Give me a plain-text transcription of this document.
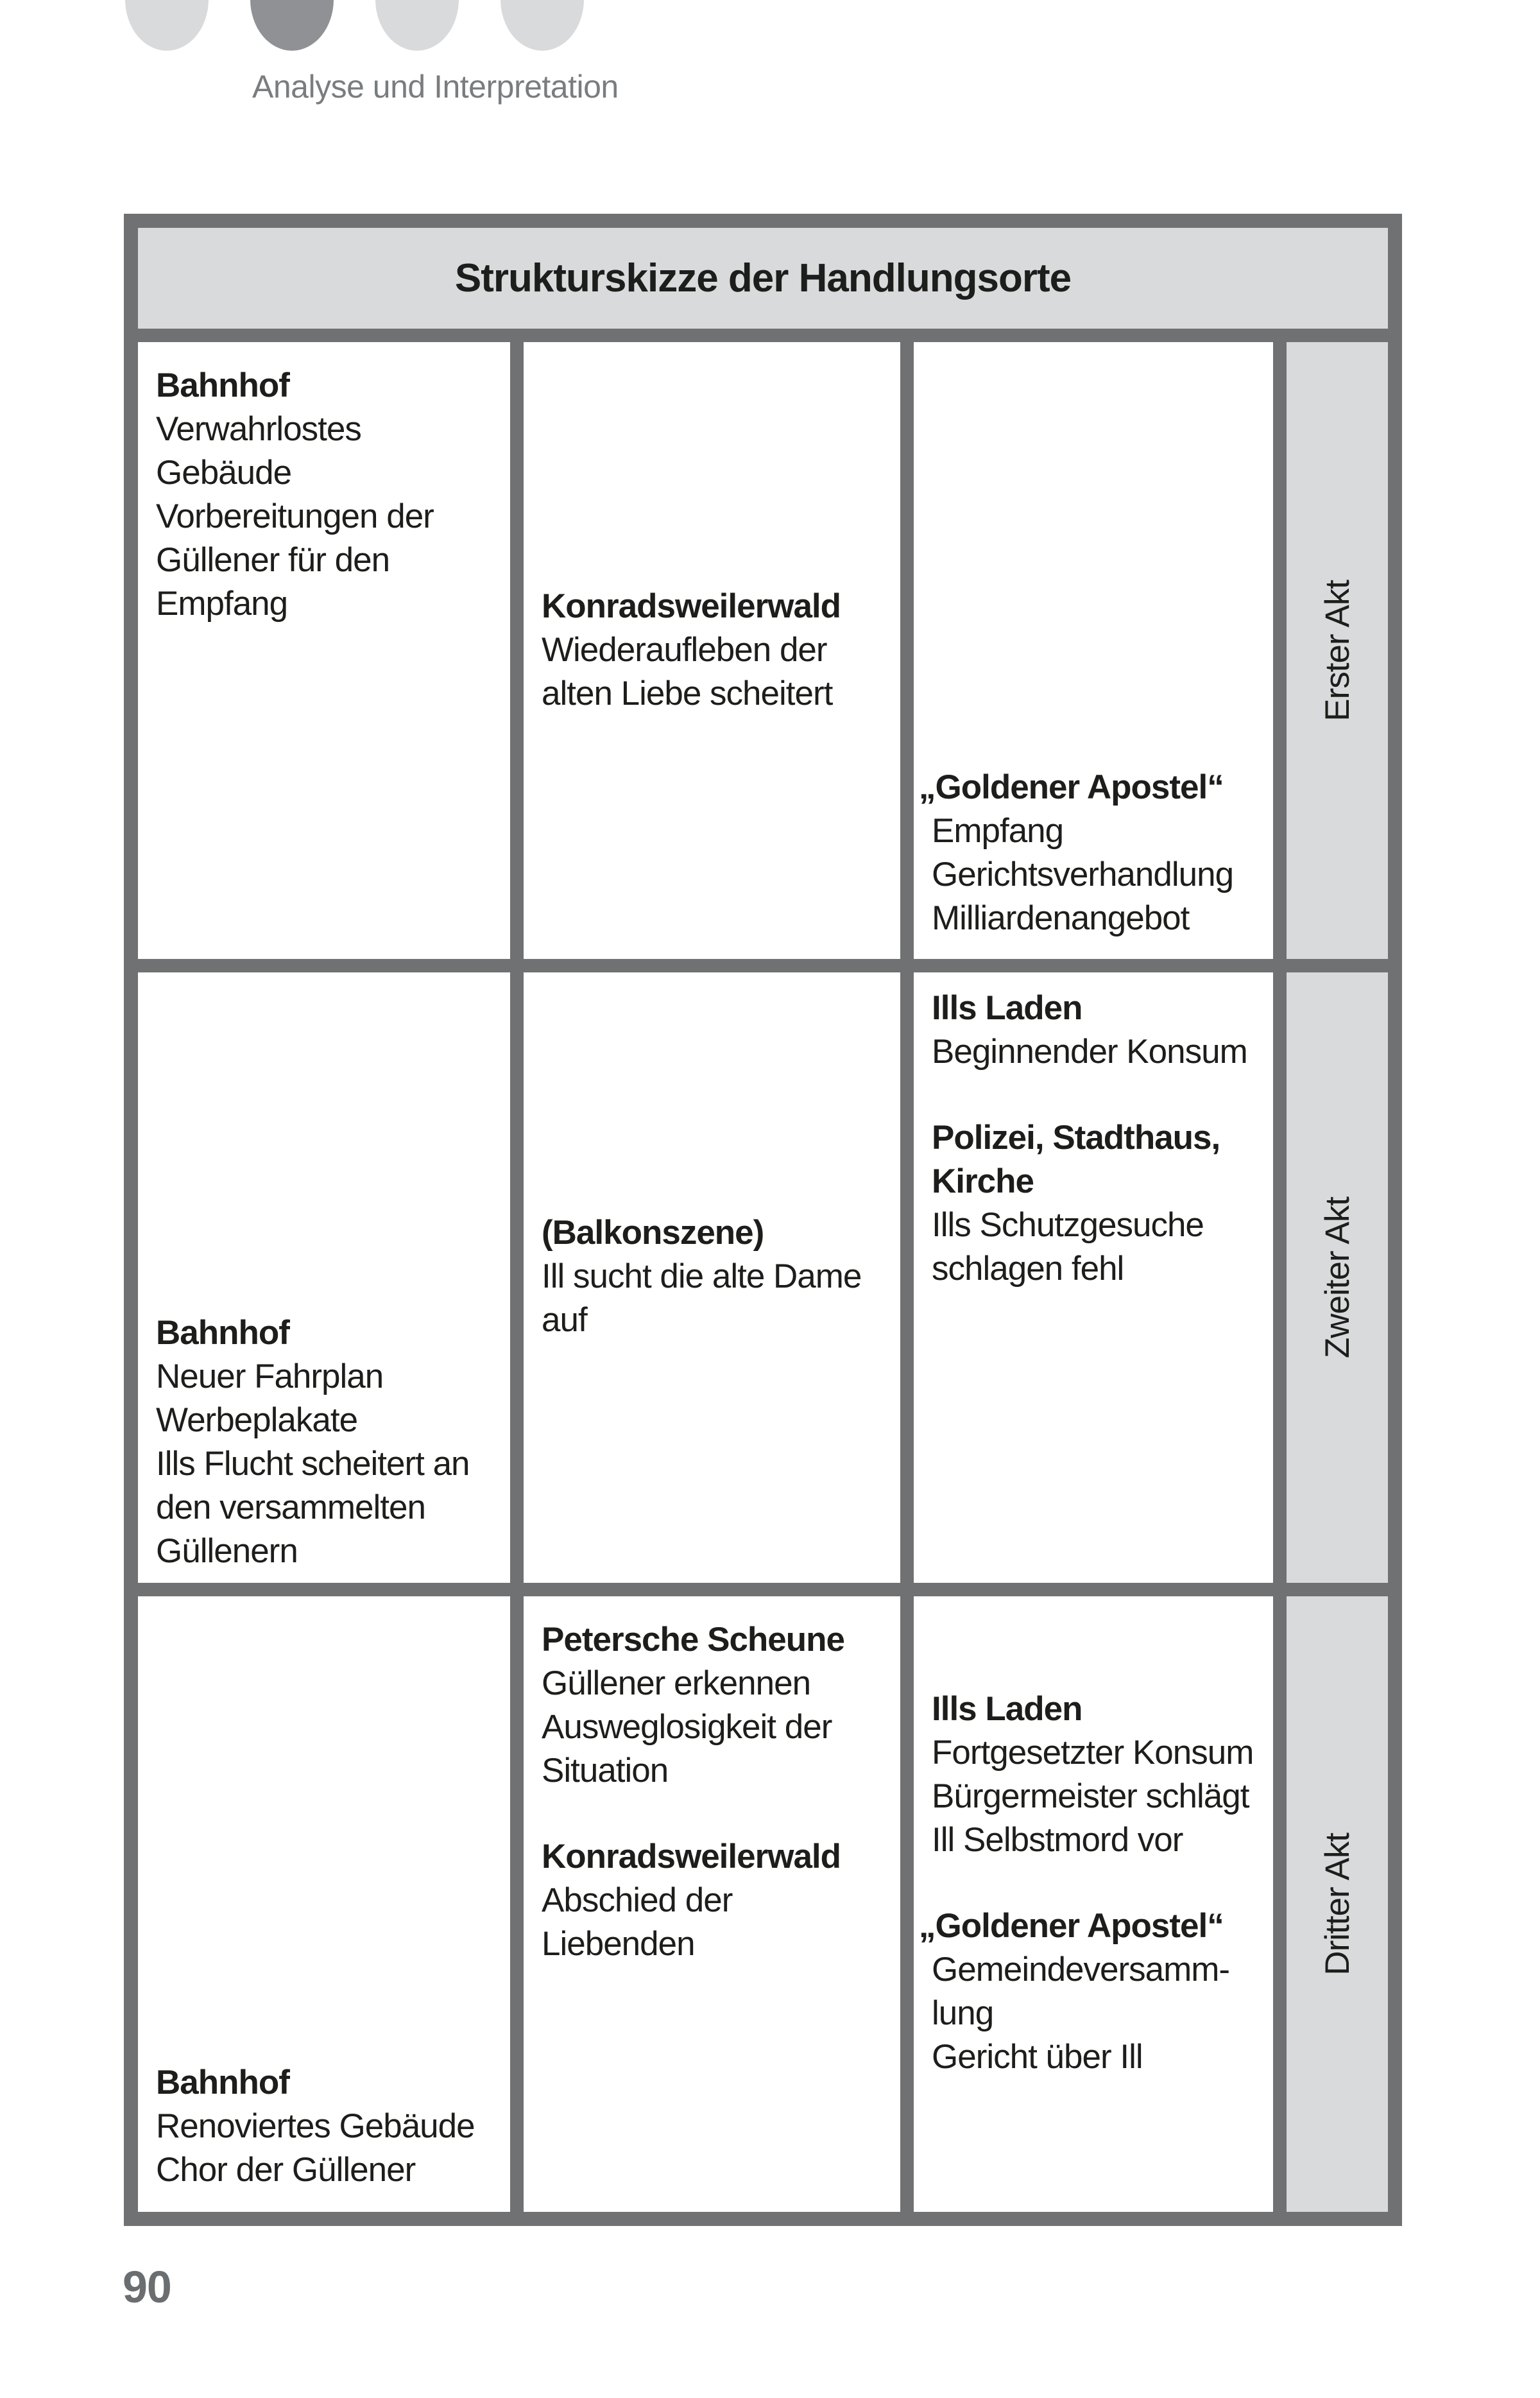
Analyse und Interpretation
Strukturskizze der Handlungsorte
Bahnhof
Verwahrlostes
Gebäude
Vorbereitungen der
Güllener für den
Empfang	Konradsweilerwald
Wiederaufleben der
alten Liebe scheitert
„Goldener Apostel“
Empfang
Gerichtsverhandlung
Milliardenangebot
Erster Akt
Bahnhof
Neuer Fahrplan
Werbeplakate
Ills Flucht scheitert an
den versammelten
Güllenern
(Balkonszene)
Ill sucht die alte Dame
auf
Ills Laden
Beginnender Konsum
Polizei, Stadthaus,
Kirche
Ills Schutzgesuche
schlagen fehl	Zweiter Akt
Bahnhof
Renoviertes Gebäude
Chor der Güllener
Petersche Scheune
Güllener erkennen
Ausweglosigkeit der
Situation
Konradsweilerwald
Abschied der
Liebenden
Ills Laden
Fortgesetzter Konsum
Bürgermeister schlägt
Ill Selbstmord vor
„Goldener Apostel“
Gemeindeversamm-
lung
Gericht über Ill
Dritter Akt
90
